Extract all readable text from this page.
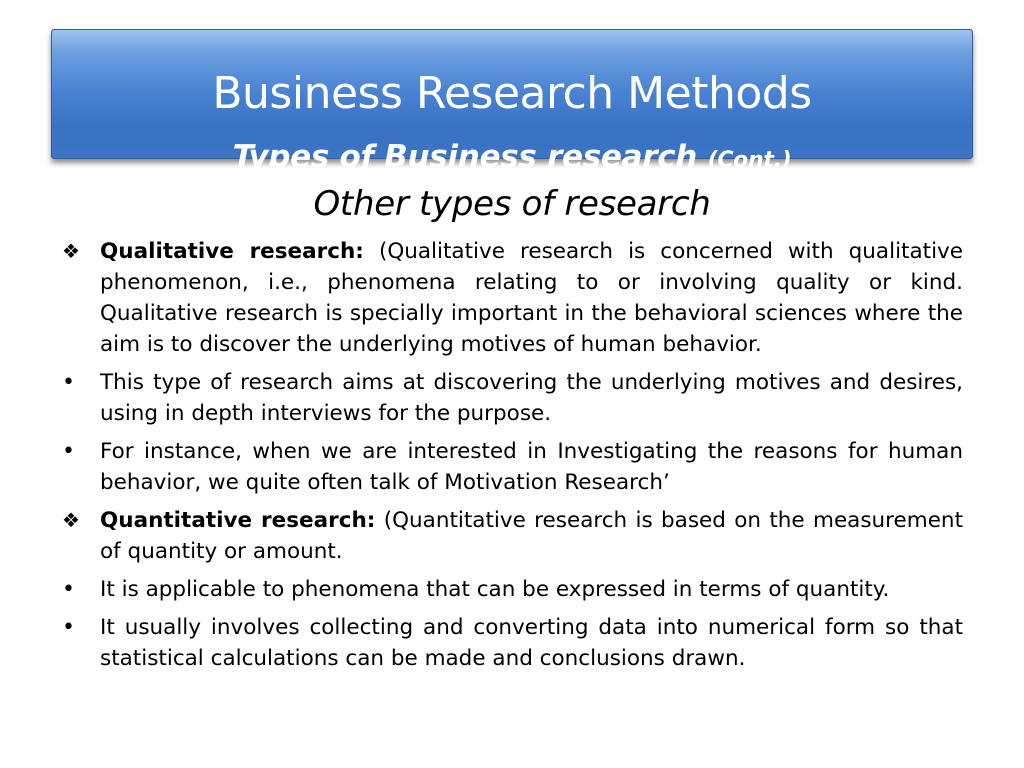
Business Research Methods
Types of Business research (Cont.)
Other types of research
❖ Qualitative research: (Qualitative research is concerned with qualitative phenomenon, i.e., phenomena relating to or involving quality or kind. Qualitative research is specially important in the behavioral sciences where the aim is to discover the underlying motives of human behavior.
•	This type of research aims at discovering the underlying motives and desires, using in depth interviews for the purpose.
•	For instance, when we are interested in Investigating the reasons for human behavior, we quite often talk of Motivation Research’
❖ Quantitative research: (Quantitative research is based on the measurement of quantity or amount.
•	It is applicable to phenomena that can be expressed in terms of quantity.
•	It usually involves collecting and converting data into numerical form so that statistical calculations can be made and conclusions drawn.
